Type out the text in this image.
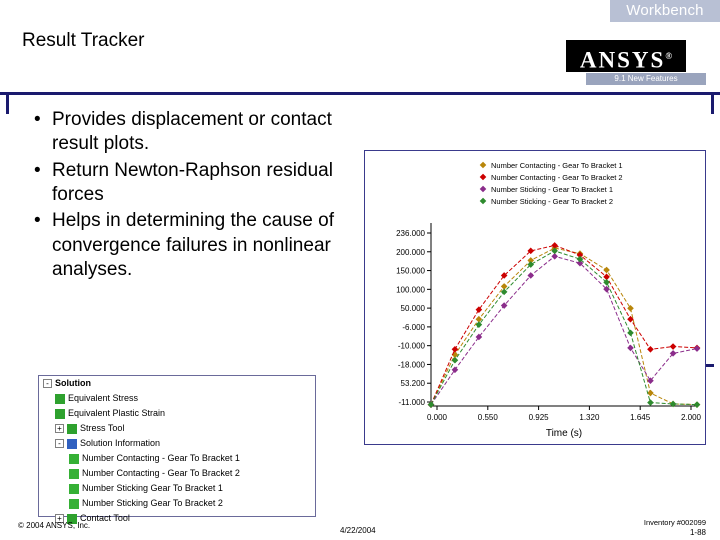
Workbench
Result Tracker
ANSYS®
9.1 New Features
• Provides displacement or contact result plots.
• Return Newton-Raphson residual forces
• Helps in determining the cause of convergence failures in nonlinear analyses.
236.000
200.000
150.000
100.000
50.000
-6.000
-10.000
-18.000
53.200
-11.000
0.000	0.550	0.925	1.320	1.645	2.000
Time (s)
Number Contacting - Gear To Bracket 1
Number Contacting - Gear To Bracket 2
Number Sticking - Gear To Bracket 1
Number Sticking - Gear To Bracket 2
- Solution
Equivalent Stress
Equivalent Plastic Strain
+ Stress Tool
- Solution Information
Number Contacting - Gear To Bracket 1
Number Contacting - Gear To Bracket 2
Number Sticking Gear To Bracket 1
Number Sticking Gear To Bracket 2
+ Contact Tool
© 2004 ANSYS, Inc.
4/22/2004
Inventory #002099
1-88
